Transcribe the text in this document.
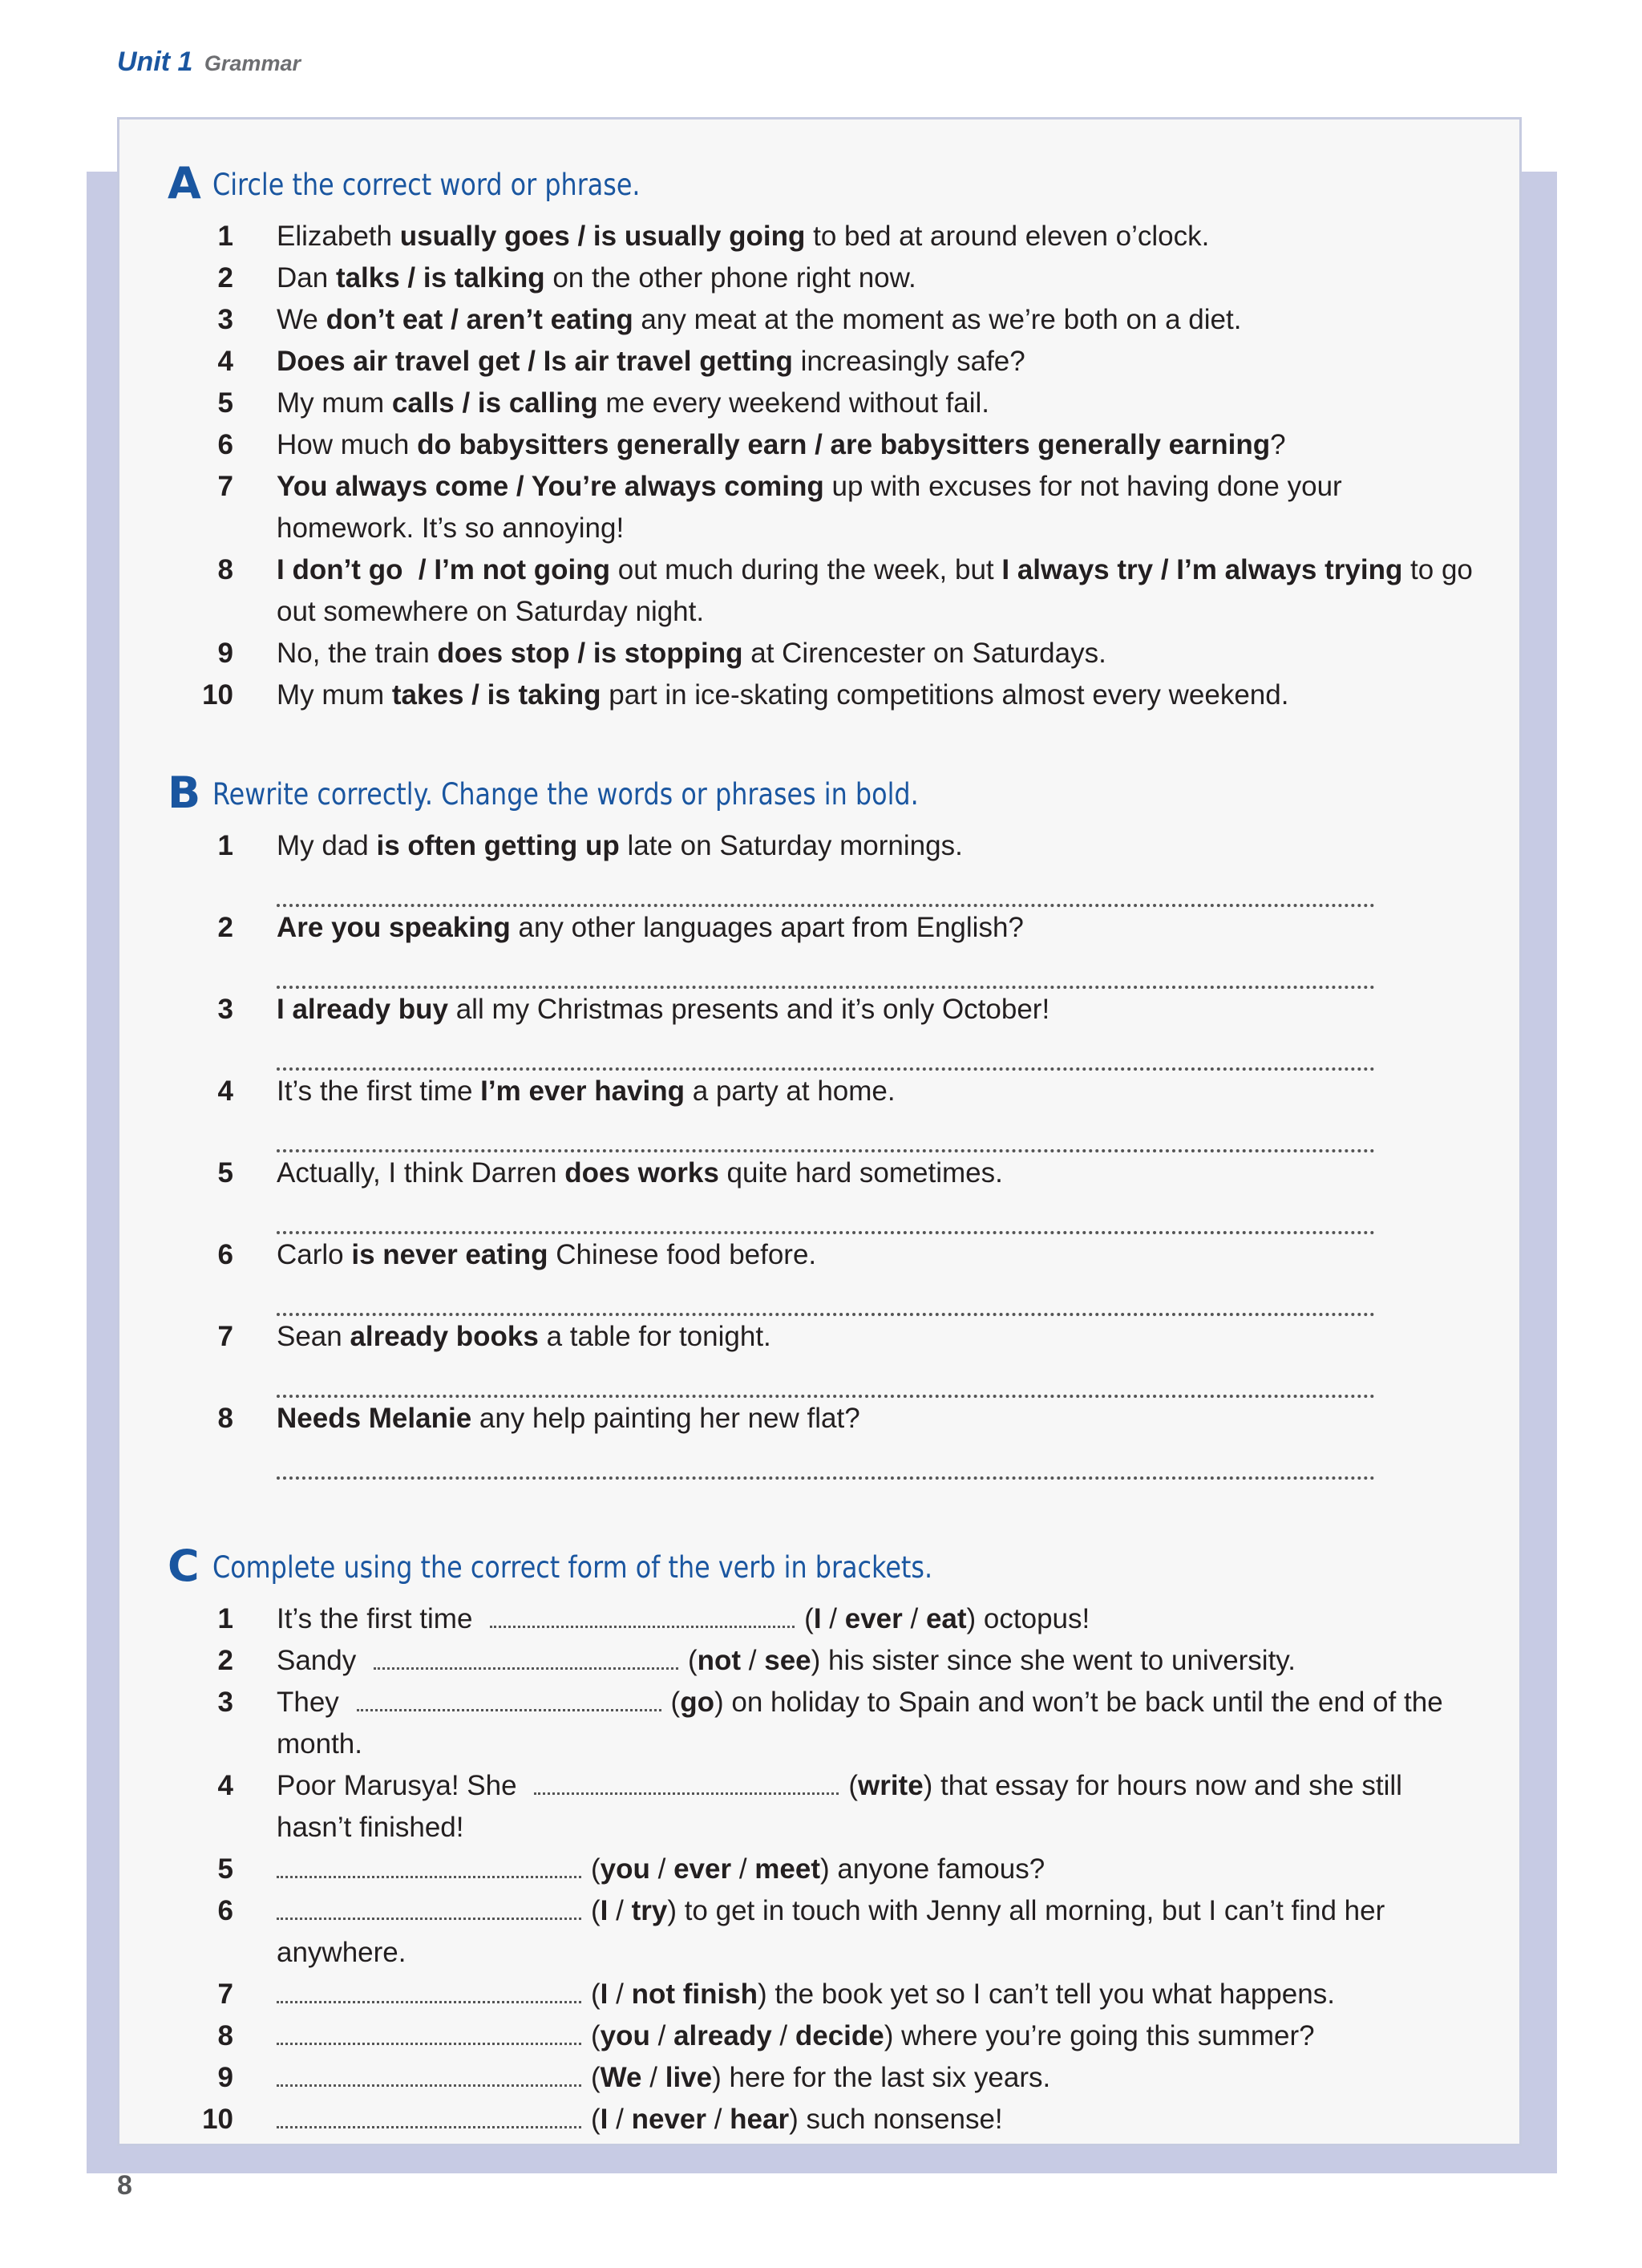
Unit 1 Grammar
A Circle the correct word or phrase.
1 Elizabeth usually goes / is usually going to bed at around eleven o’clock.
2 Dan talks / is talking on the other phone right now.
3 We don’t eat / aren’t eating any meat at the moment as we’re both on a diet.
4 Does air travel get / Is air travel getting increasingly safe?
5 My mum calls / is calling me every weekend without fail.
6 How much do babysitters generally earn / are babysitters generally earning?
7 You always come / You’re always coming up with excuses for not having done your homework. It’s so annoying!
8 I don’t go  / I’m not going out much during the week, but I always try / I’m always trying to go out somewhere on Saturday night.
9 No, the train does stop / is stopping at Cirencester on Saturdays.
10 My mum takes / is taking part in ice-skating competitions almost every weekend.
B Rewrite correctly. Change the words or phrases in bold.
1 My dad is often getting up late on Saturday mornings.
2 Are you speaking any other languages apart from English?
3 I already buy all my Christmas presents and it’s only October!
4 It’s the first time I’m ever having a party at home.
5 Actually, I think Darren does works quite hard sometimes.
6 Carlo is never eating Chinese food before.
7 Sean already books a table for tonight.
8 Needs Melanie any help painting her new flat?
C Complete using the correct form of the verb in brackets.
1 It’s the first time	(I / ever / eat) octopus!
2 Sandy	(not / see) his sister since she went to university.
3 They	(go) on holiday to Spain and won’t be back until the end of the month.
4 Poor Marusya! She	(write) that essay for hours now and she still hasn’t finished!
5	(you / ever / meet) anyone famous?
6	(I / try) to get in touch with Jenny all morning, but I can’t find her anywhere.
7	(I / not finish) the book yet so I can’t tell you what happens.
8	(you / already / decide) where you’re going this summer?
9	(We / live) here for the last six years.
10	(I / never / hear) such nonsense!
8
